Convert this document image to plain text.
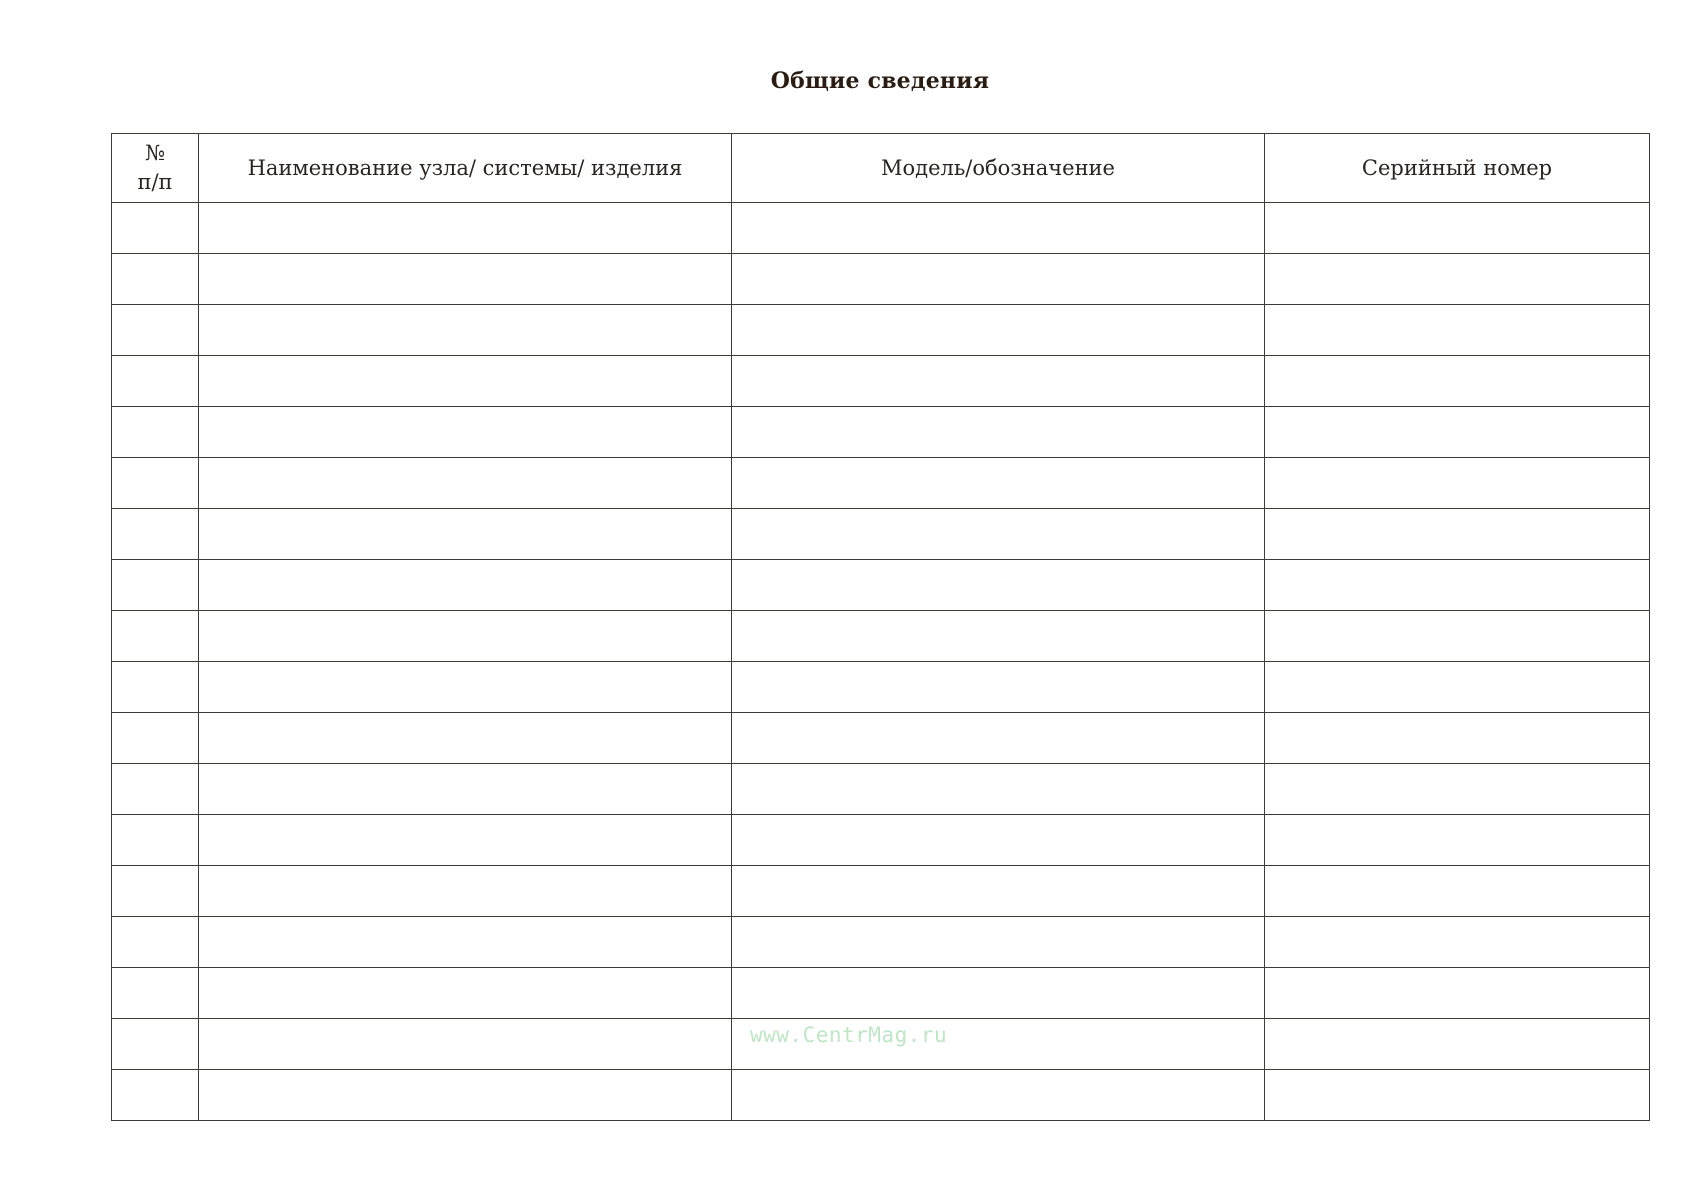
Общие сведения
№
п/п	Наименование узла/ системы/ изделия	Модель/обозначение	Серийный номер

www.CentrMag.ru
